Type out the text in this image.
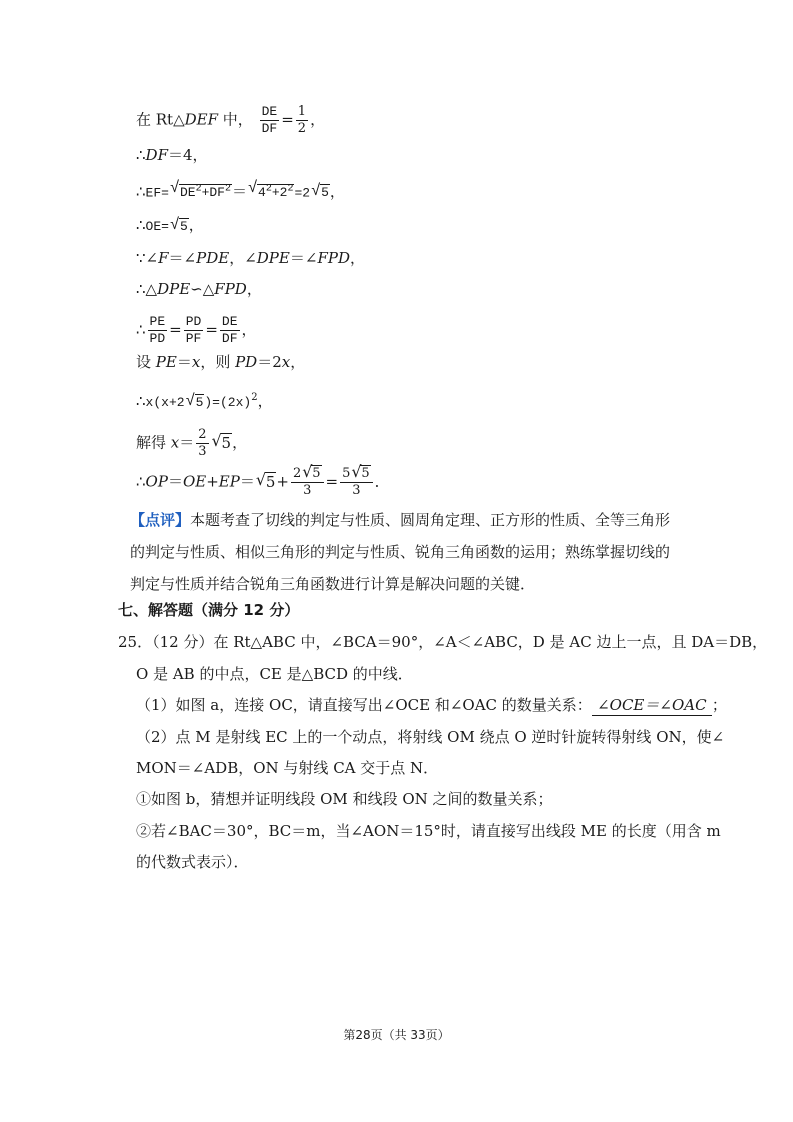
在 Rt△DEF 中， $\frac{DE}{DF} = \frac{1}{2}$ ，
∴DF＝4，
∴EF=√ $DE^2+DF^2=√$ $4^2+2^2=2√$ 5，
∴OE=√ 5，
∵∠F＝∠PDE，∠DPE＝∠FPD，
∴△DPE∽△FPD，
∴ $\frac{PE}{PD} = \frac{PD}{PF} = \frac{DE}{DF}$ ，
设 PE＝x，则 PD＝2x，
∴x(x+2√ $5)=(2x)^2$，
解得 $x= \frac{2}{3}$
√ 5，
∴OP＝OE+EP＝√ $5+ \frac{2√ 5}{3} = \frac{5√ 5}{3}$ ．
【点评】本题考查了切线的判定与性质、圆周角定理、正方形的性质、全等三角形的判定与性质、相似三角形的判定与性质、锐角三角函数的运用；熟练掌握切线的判定与性质并结合锐角三角函数进行计算是解决问题的关键．
七、解答题（满分 12 分）
25．（12 分）在 Rt△ABC 中，∠BCA＝90°，∠A＜∠ABC，D 是 AC 边上一点，且 DA＝DB，
O 是 AB 的中点，CE 是△BCD 的中线．
（1）如图 a，连接 OC，请直接写出∠OCE 和∠OAC 的数量关系： ∠OCE＝∠OAC ；
（2）点 M 是射线 EC 上的一个动点，将射线 OM 绕点 O 逆时针旋转得射线 ON，使∠
MON＝∠ADB，ON 与射线 CA 交于点 N．
①如图 b，猜想并证明线段 OM 和线段 ON 之间的数量关系；
②若∠BAC＝30°，BC＝m，当∠AON＝15°时，请直接写出线段 ME 的长度（用含 m
的代数式表示）．
第28页（共 33页）
